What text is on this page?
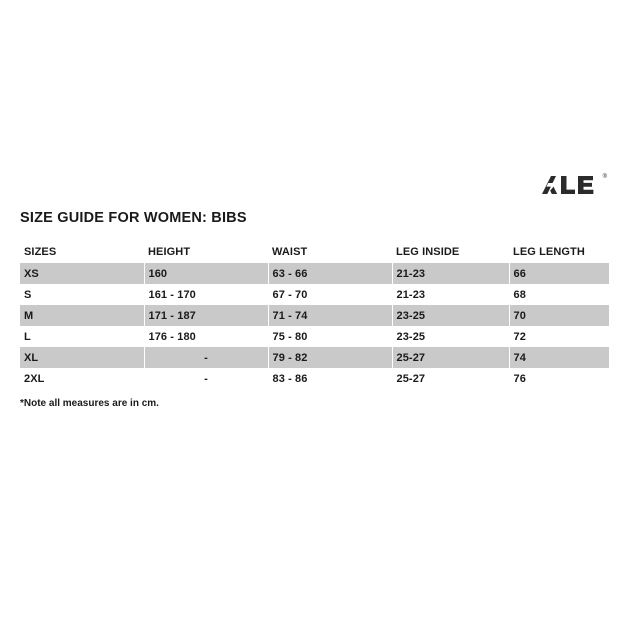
®
SIZE GUIDE FOR WOMEN: BIBS
SIZES	HEIGHT	WAIST	LEG INSIDE	LEG LENGTH
XS	160	63 - 66	21-23	66
S	161 - 170	67 - 70	21-23	68
M	171 - 187	71 - 74	23-25	70
L	176 - 180	75 - 80	23-25	72
XL	-	79 - 82	25-27	74
2XL	-	83 - 86	25-27	76
*Note all measures are in cm.
